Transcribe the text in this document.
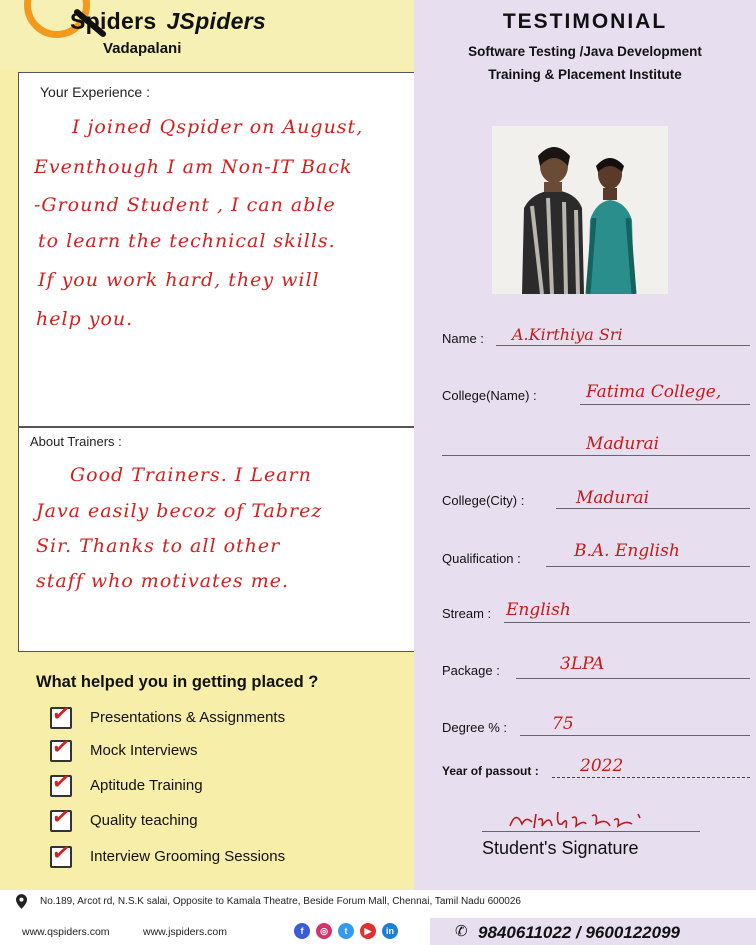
Spiders JSpiders
Vadapalani
TESTIMONIAL
Software Testing /Java Development
Training & Placement Institute
Your Experience :
I joined Qspider on August,
Eventhough I am Non-IT Back
-Ground Student , I can able
to learn the technical skills.
If you work hard, they will
help you.
About Trainers :
Good Trainers. I Learn
Java easily becoz of Tabrez
Sir. Thanks to all other
staff who motivates me.
What helped you in getting placed ?
✓ Presentations & Assignments
✓ Mock Interviews
✓ Aptitude Training
✓ Quality teaching
✓ Interview Grooming Sessions
Name : A.Kirthiya Sri
College(Name) :	Fatima College,
Madurai
College(City) :	Madurai
Qualification :	B.A. English
Stream : English
Package :	3LPA
Degree % :	75
Year of passout : 2022
Student's Signature
No.189, Arcot rd, N.S.K salai, Opposite to Kamala Theatre, Beside Forum Mall, Chennai, Tamil Nadu 600026
www.qspiders.com	www.jspiders.com	f	◎	t	▶	in	✆ 9840611022 / 9600122099
